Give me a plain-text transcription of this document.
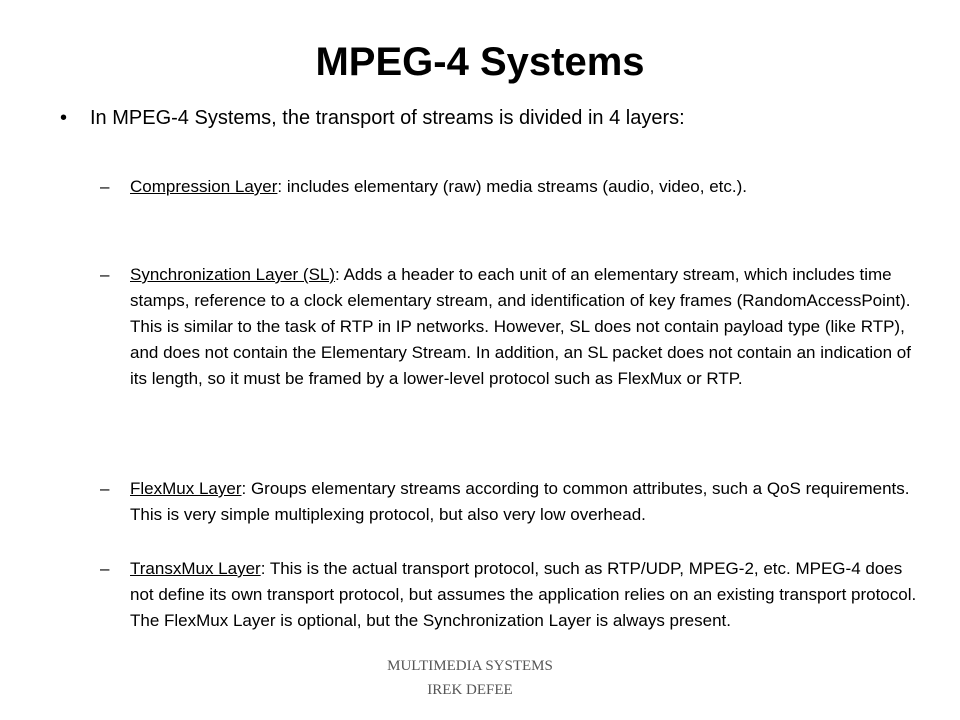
MPEG-4 Systems
• In MPEG-4 Systems, the transport of streams is divided in 4 layers:
– Compression Layer: includes elementary (raw) media streams (audio, video, etc.).
– Synchronization Layer (SL): Adds a header to each unit of an elementary stream, which includes time stamps, reference to a clock elementary stream, and identification of key frames (RandomAccessPoint). This is similar to the task of RTP in IP networks. However, SL does not contain payload type (like RTP), and does not contain the Elementary Stream. In addition, an SL packet does not contain an indication of its length, so it must be framed by a lower-level protocol such as FlexMux or RTP.
– FlexMux Layer: Groups elementary streams according to common attributes, such a QoS requirements. This is very simple multiplexing protocol, but also very low overhead.
– TransxMux Layer: This is the actual transport protocol, such as RTP/UDP, MPEG-2, etc. MPEG-4 does not define its own transport protocol, but assumes the application relies on an existing transport protocol. The FlexMux Layer is optional, but the Synchronization Layer is always present.
MULTIMEDIA SYSTEMS
IREK DEFEE
